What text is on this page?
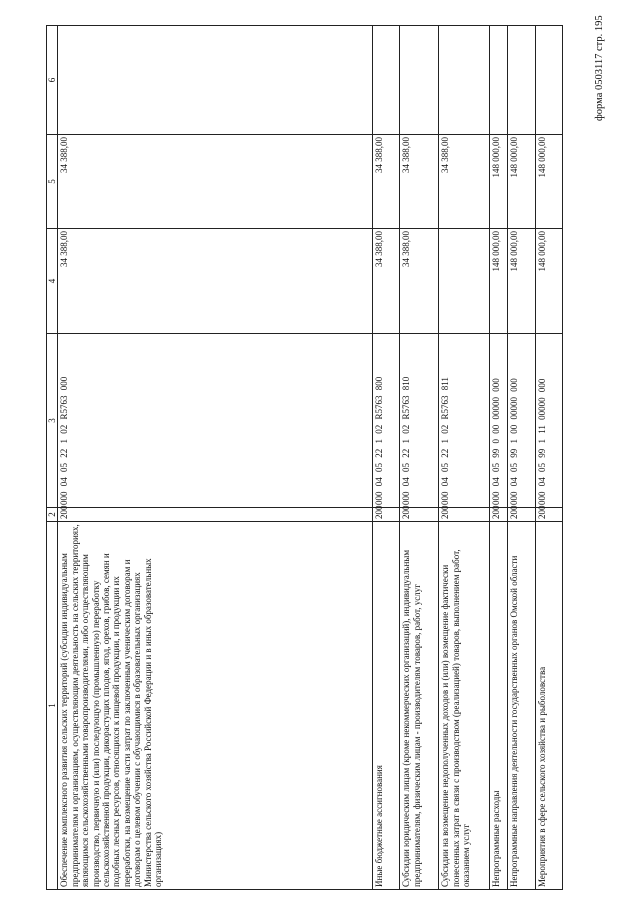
форма 0503117 стр. 195
1	2	3	4	5	6
Обеспечение комплексного развития сельских территорий (субсидии индивидуальным предпринимателям и организациям, осуществляющим деятельность на сельских территориях, являющимся сельскохозяйственными товаропроизводителями, либо осуществляющим производство, первичную и (или) последующую (промышленную) переработку сельскохозяйственной продукции, дикорастущих плодов, ягод, орехов, грибов, семян и подобных лесных ресурсов, относящихся к пищевой продукции, и продукции их переработки, на возмещение части затрат по заключенным ученическим договорам и договорам о целевом обучении с обучающимися в образовательных организациях Министерства сельского хозяйства Российской Федерации и в иных образовательных организациях)	200	000 04 05 22 1 02 R5763 000	34 388,00	34 388,00	
Иные бюджетные ассигнования	200	000 04 05 22 1 02 R5763 800	34 388,00	34 388,00	
Субсидии юридическим лицам (кроме некоммерческих организаций), индивидуальным предпринимателям, физическим лицам - производителям товаров, работ, услуг	200	000 04 05 22 1 02 R5763 810	34 388,00	34 388,00	
Субсидии на возмещение недополученных доходов и (или) возмещение фактически понесенных затрат в связи с производством (реализацией) товаров, выполнением работ, оказанием услуг	200	000 04 05 22 1 02 R5763 811		34 388,00	
Непрограммные расходы	200	000 04 05 99 0 00 00000 000	148 000,00	148 000,00	
Непрограммные направления деятельности государственных органов Омской области	200	000 04 05 99 1 00 00000 000	148 000,00	148 000,00	
Мероприятия в сфере сельского хозяйства и рыболовства	200	000 04 05 99 1 11 00000 000	148 000,00	148 000,00	
